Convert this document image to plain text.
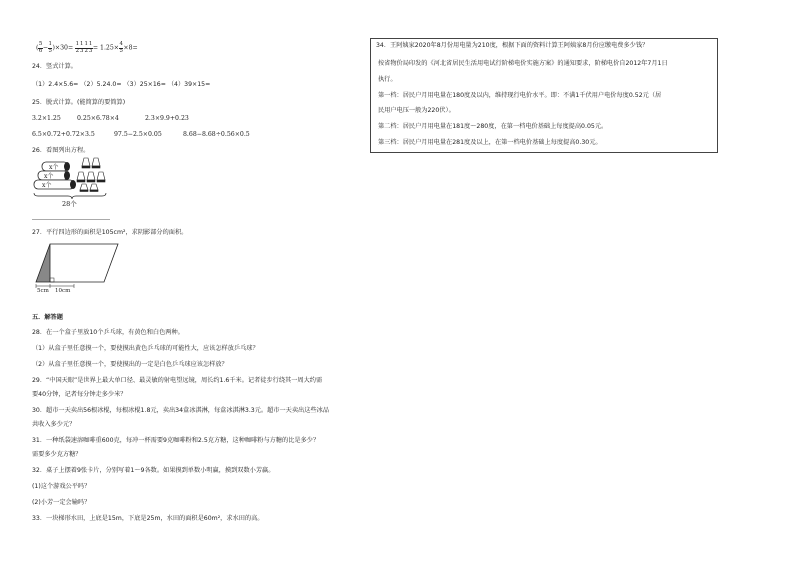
( $\frac{5}{6} - \frac{1}{5} )\times 30= \frac{1}{2} \frac{1}{3} \frac{1}{2} \frac{1}{3} = 1.25\times \frac{4}{5} \times 8=$
24．竖式计算。
（1）2.4×5.6= （2）5.24.0= （3）25×16= （4）39×15=
25．脱式计算。(能简算的要简算)
3.2×1.25	0.25×6.78×4	2.3×9.9+0.23
6.5×0.72+0.72×3.5	97.5−2.5×0.05	8.68−8.68÷0.56×0.5
26．看图列出方程。
x个
x个
x个
28个
27．平行四边形的面积是105cm²，求阴影部分的面积。
5cm 10cm
五．解答题
28．在一个盒子里放10个乒乓球，有黄色和白色两种。
（1）从盒子里任意摸一个，要使摸出黄色乒乓球的可能性大，应该怎样放乒乓球？
（2）从盒子里任意摸一个，要使摸出的一定是白色乒乓球应该怎样放？
29．“中国天眼”是世界上最大单口径、最灵敏的射电望远镜，周长约1.6千米。记者徒步行绕其一周大约需
要40分钟，记者每分钟走多少米？
30．超市一天卖出56根冰棍，每根冰棍1.8元，卖出34盒冰淇淋，每盒冰淇淋3.3元。超市一天卖出这些冰品
共收入多少元？
31．一种纸袋速溶咖啡重600克，每冲一杯需要9克咖啡粉和2.5克方糖，这种咖啡粉与方糖的比是多少？
需要多少克方糖？
32．桌子上摆着9张卡片，分别写着1～9各数。如果摸到单数小明赢，摸到双数小芳赢。
(1)这个游戏公平吗？
(2)小芳一定会输吗？
33．一块梯形水田，上底是15m，下底是25m，水田的面积是60m²，求水田的高。
34．王阿姨家2020年8月份用电量为210度，根据下面的资料计算王阿姨家8月份应缴电费多少钱？
按省物价局印发的《河北省居民生活用电试行阶梯电价实施方案》的通知要求，阶梯电价自2012年7月1日
执行。
第一档：居民户月用电量在180度及以内，维持现行电价水平。即：不满1千伏用户电价每度0.52元（居
民用户电压一般为220伏）。
第二档：居民户月用电量在181度～280度，在第一档电价基础上每度提高0.05元。
第三档：居民户月用电量在281度及以上，在第一档电价基础上每度提高0.30元。
